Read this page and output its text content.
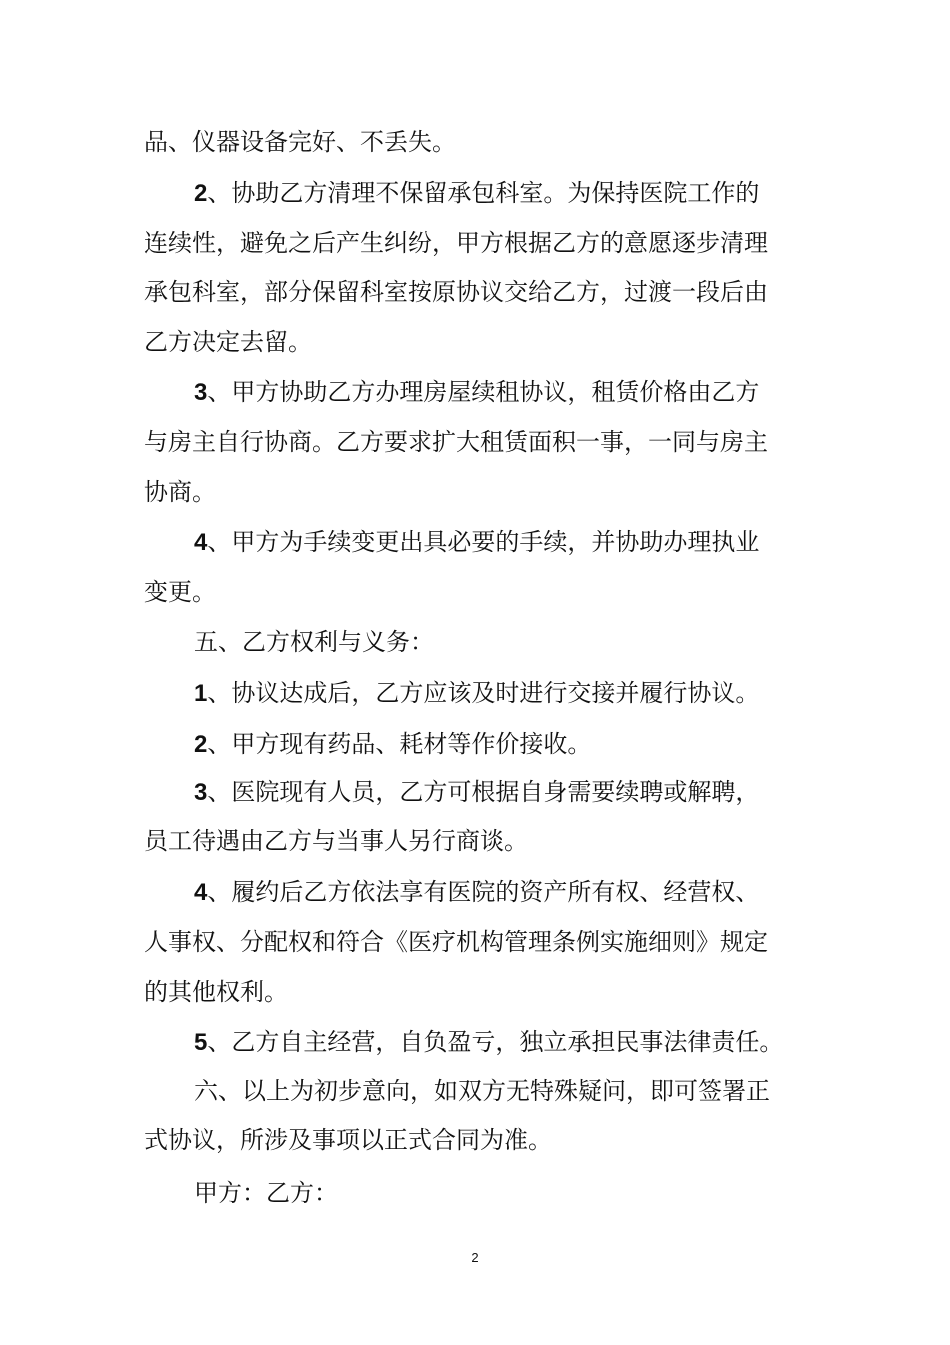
品、仪器设备完好、不丢失。
2、协助乙方清理不保留承包科室。为保持医院工作的
连续性，避免之后产生纠纷，甲方根据乙方的意愿逐步清理
承包科室，部分保留科室按原协议交给乙方，过渡一段后由
乙方决定去留。
3、甲方协助乙方办理房屋续租协议，租赁价格由乙方
与房主自行协商。乙方要求扩大租赁面积一事，一同与房主
协商。
4、甲方为手续变更出具必要的手续，并协助办理执业
变更。
五、乙方权利与义务：
1、协议达成后，乙方应该及时进行交接并履行协议。
2、甲方现有药品、耗材等作价接收。
3、医院现有人员，乙方可根据自身需要续聘或解聘，
员工待遇由乙方与当事人另行商谈。
4、履约后乙方依法享有医院的资产所有权、经营权、
人事权、分配权和符合《医疗机构管理条例实施细则》规定
的其他权利。
5、乙方自主经营，自负盈亏，独立承担民事法律责任。
六、以上为初步意向，如双方无特殊疑问，即可签署正
式协议，所涉及事项以正式合同为准。
甲方：乙方：
2
